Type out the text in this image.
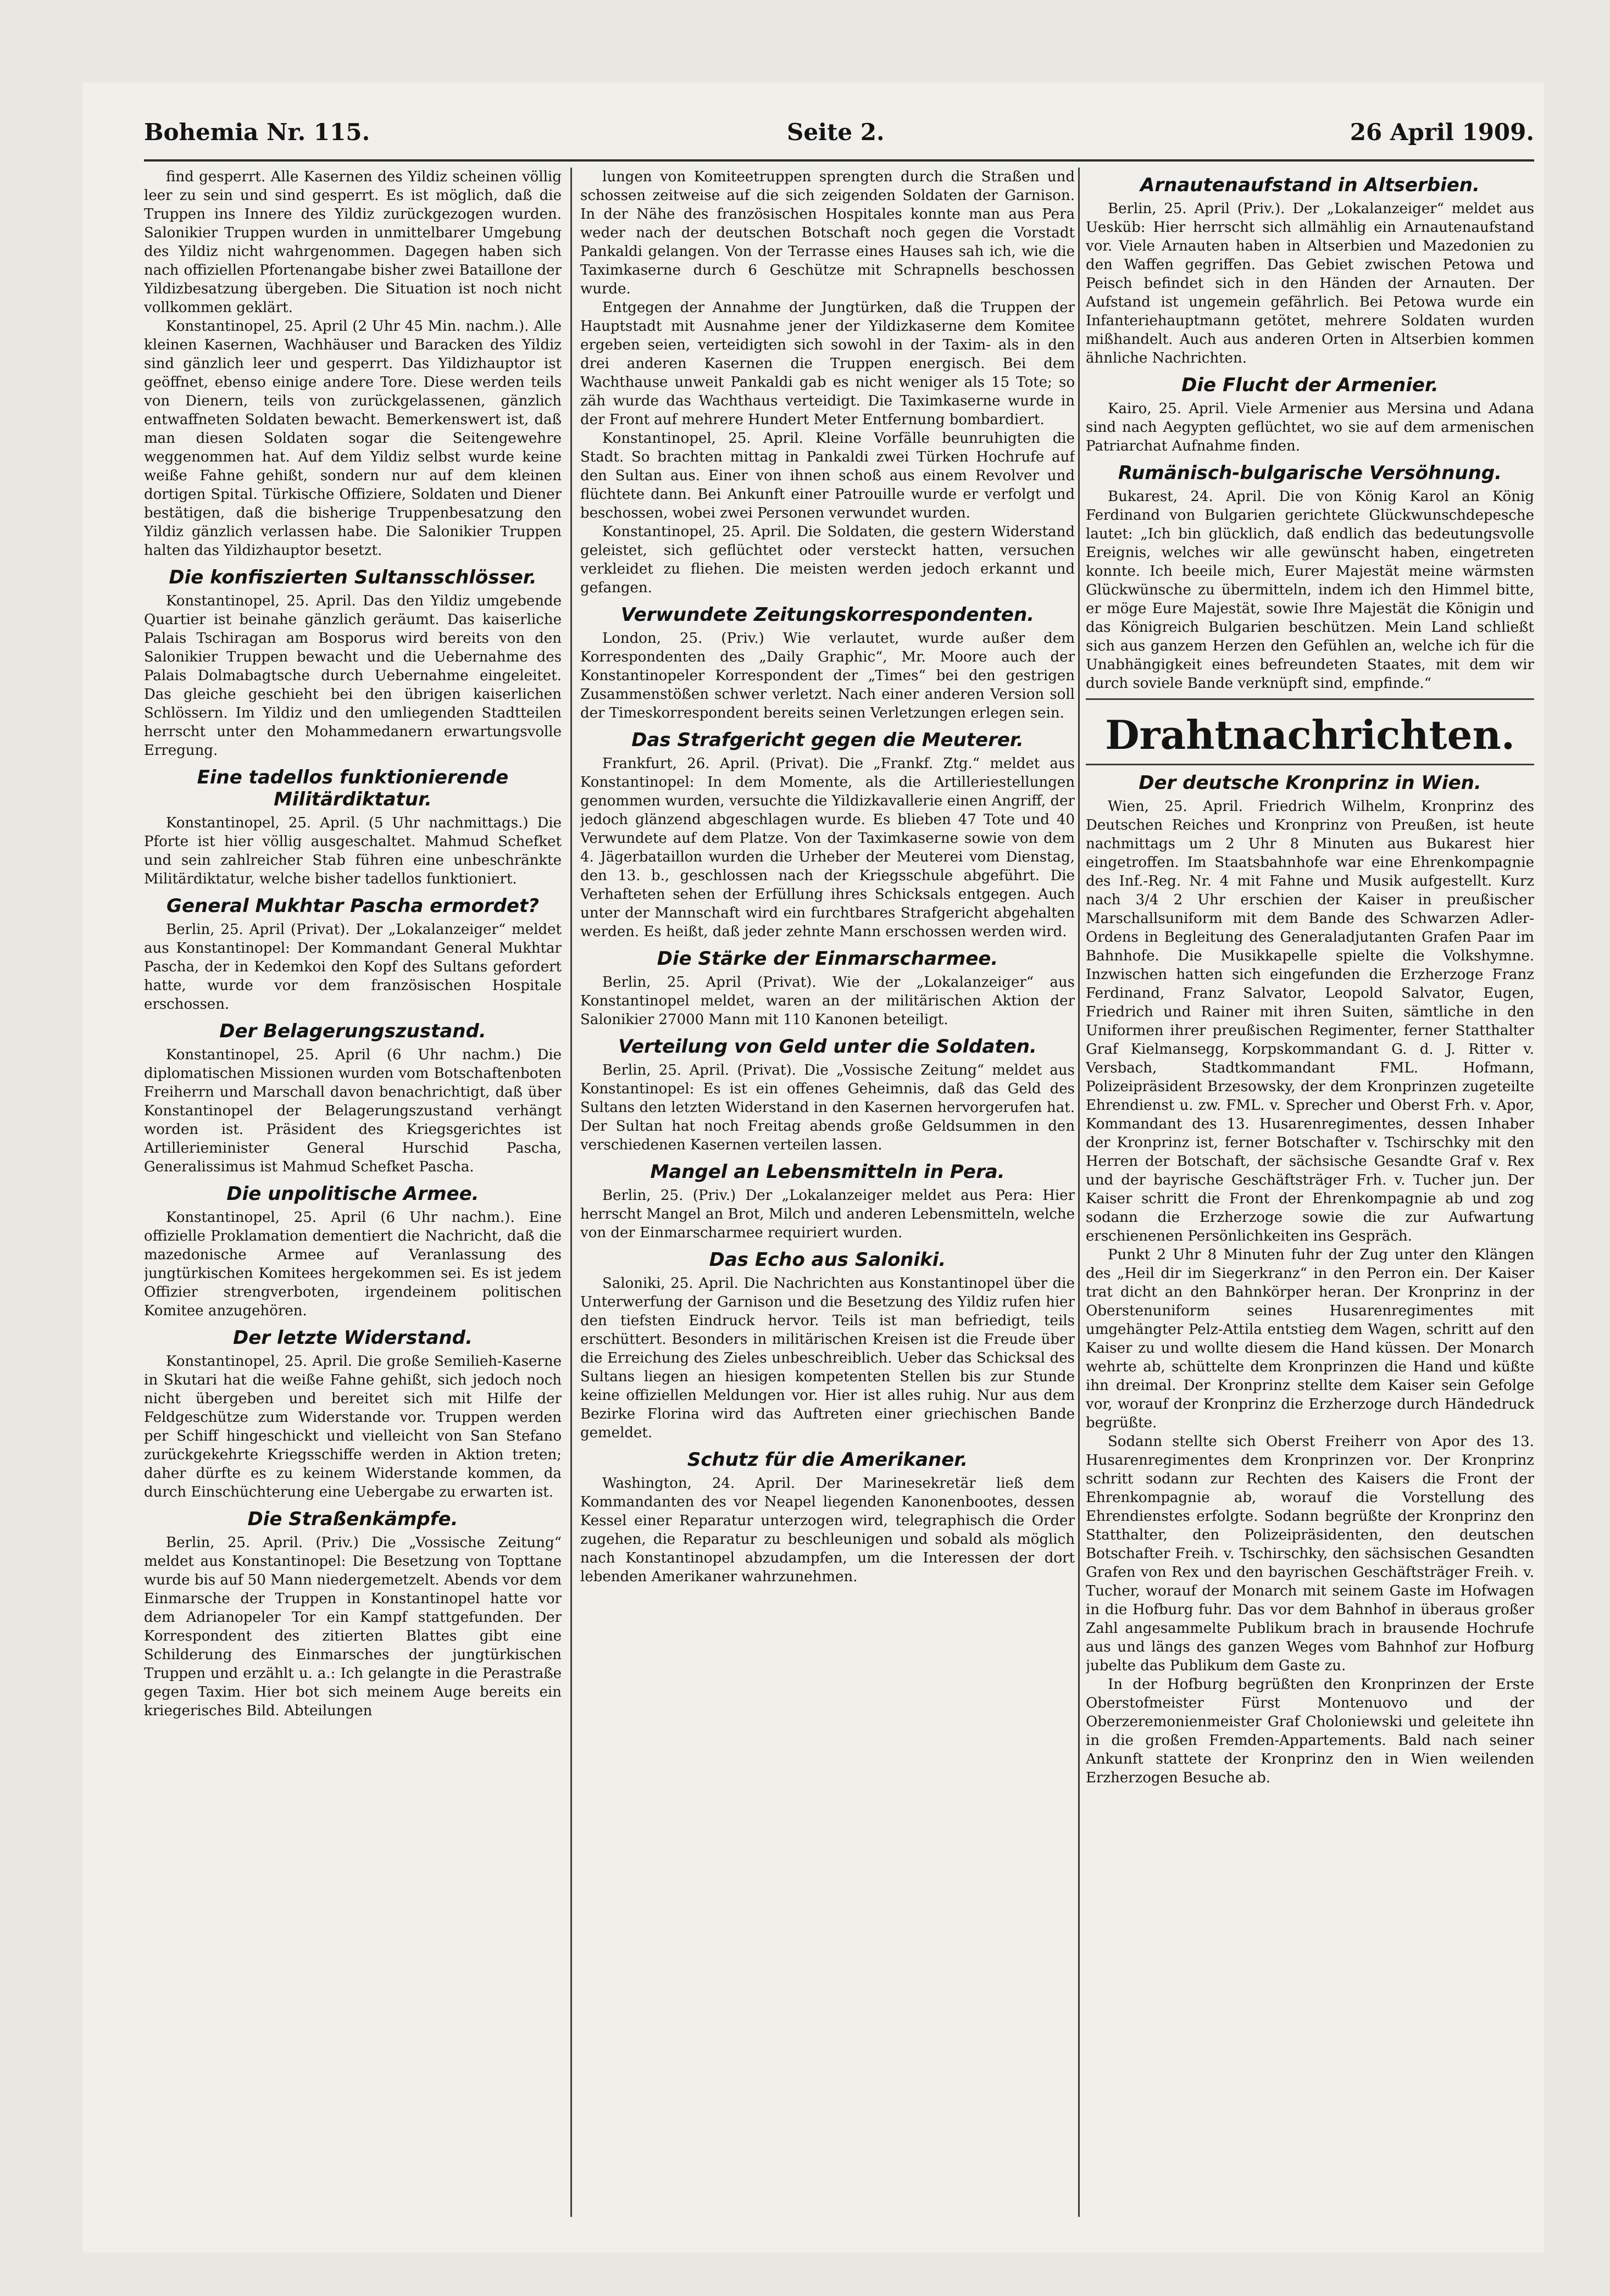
Bohemia Nr. 115.	Seite 2.	26 April 1909.

find gesperrt. Alle Kasernen des Yildiz scheinen völlig leer zu sein und sind gesperrt. Es ist möglich, daß die Truppen ins Innere des Yildiz zurückgezogen wurden. Salonikier Truppen wurden in unmittelbarer Umgebung des Yildiz nicht wahrgenommen. Dagegen haben sich nach offiziellen Pfortenangabe bisher zwei Bataillone der Yildizbesatzung übergeben. Die Situation ist noch nicht vollkommen geklärt.

Konstantinopel, 25. April (2 Uhr 45 Min. nachm.). Alle kleinen Kasernen, Wachhäuser und Baracken des Yildiz sind gänzlich leer und gesperrt. Das Yildizhauptor ist geöffnet, ebenso einige andere Tore. Diese werden teils von Dienern, teils von zurückgelassenen, gänzlich entwaffneten Soldaten bewacht. Bemerkenswert ist, daß man diesen Soldaten sogar die Seitengewehre weggenommen hat. Auf dem Yildiz selbst wurde keine weiße Fahne gehißt, sondern nur auf dem kleinen dortigen Spital. Türkische Offiziere, Soldaten und Diener bestätigen, daß die bisherige Truppenbesatzung den Yildiz gänzlich verlassen habe. Die Salonikier Truppen halten das Yildizhauptor besetzt.

Die konfiszierten Sultansschlösser.

Konstantinopel, 25. April. Das den Yildiz umgebende Quartier ist beinahe gänzlich geräumt. Das kaiserliche Palais Tschiragan am Bosporus wird bereits von den Salonikier Truppen bewacht und die Uebernahme des Palais Dolmabagtsche durch Uebernahme eingeleitet. Das gleiche geschieht bei den übrigen kaiserlichen Schlössern. Im Yildiz und den umliegenden Stadtteilen herrscht unter den Mohammedanern erwartungsvolle Erregung.

Eine tadellos funktionierende Militärdiktatur.

Konstantinopel, 25. April. (5 Uhr nachmittags.) Die Pforte ist hier völlig ausgeschaltet. Mahmud Schefket und sein zahlreicher Stab führen eine unbeschränkte Militärdiktatur, welche bisher tadellos funktioniert.

General Mukhtar Pascha ermordet?

Berlin, 25. April (Privat). Der „Lokalanzeiger“ meldet aus Konstantinopel: Der Kommandant General Mukhtar Pascha, der in Kedemkoi den Kopf des Sultans gefordert hatte, wurde vor dem französischen Hospitale erschossen.

Der Belagerungszustand.

Konstantinopel, 25. April (6 Uhr nachm.) Die diplomatischen Missionen wurden vom Botschaftenboten Freiherrn und Marschall davon benachrichtigt, daß über Konstantinopel der Belagerungszustand verhängt worden ist. Präsident des Kriegsgerichtes ist Artillerieminister General Hurschid Pascha, Generalissimus ist Mahmud Schefket Pascha.

Die unpolitische Armee.

Konstantinopel, 25. April (6 Uhr nachm.). Eine offizielle Proklamation dementiert die Nachricht, daß die mazedonische Armee auf Veranlassung des jungtürkischen Komitees hergekommen sei. Es ist jedem Offizier strengverboten, irgendeinem politischen Komitee anzugehören.

Der letzte Widerstand.

Konstantinopel, 25. April. Die große Semilieh-Kaserne in Skutari hat die weiße Fahne gehißt, sich jedoch noch nicht übergeben und bereitet sich mit Hilfe der Feldgeschütze zum Widerstande vor. Truppen werden per Schiff hingeschickt und vielleicht von San Stefano zurückgekehrte Kriegsschiffe werden in Aktion treten; daher dürfte es zu keinem Widerstande kommen, da durch Einschüchterung eine Uebergabe zu erwarten ist.

Die Straßenkämpfe.

Berlin, 25. April. (Priv.) Die „Vossische Zeitung“ meldet aus Konstantinopel: Die Besetzung von Topttane wurde bis auf 50 Mann niedergemetzelt. Abends vor dem Einmarsche der Truppen in Konstantinopel hatte vor dem Adrianopeler Tor ein Kampf stattgefunden. Der Korrespondent des zitierten Blattes gibt eine Schilderung des Einmarsches der jungtürkischen Truppen und erzählt u. a.: Ich gelangte in die Perastraße gegen Taxim. Hier bot sich meinem Auge bereits ein kriegerisches Bild. Abteilungen

lungen von Komiteetruppen sprengten durch die Straßen und schossen zeitweise auf die sich zeigenden Soldaten der Garnison. In der Nähe des französischen Hospitales konnte man aus Pera weder nach der deutschen Botschaft noch gegen die Vorstadt Pankaldi gelangen. Von der Terrasse eines Hauses sah ich, wie die Taximkaserne durch 6 Geschütze mit Schrapnells beschossen wurde.

Entgegen der Annahme der Jungtürken, daß die Truppen der Hauptstadt mit Ausnahme jener der Yildizkaserne dem Komitee ergeben seien, verteidigten sich sowohl in der Taxim- als in den drei anderen Kasernen die Truppen energisch. Bei dem Wachthause unweit Pankaldi gab es nicht weniger als 15 Tote; so zäh wurde das Wachthaus verteidigt. Die Taximkaserne wurde in der Front auf mehrere Hundert Meter Entfernung bombardiert.

Konstantinopel, 25. April. Kleine Vorfälle beunruhigten die Stadt. So brachten mittag in Pankaldi zwei Türken Hochrufe auf den Sultan aus. Einer von ihnen schoß aus einem Revolver und flüchtete dann. Bei Ankunft einer Patrouille wurde er verfolgt und beschossen, wobei zwei Personen verwundet wurden.

Konstantinopel, 25. April. Die Soldaten, die gestern Widerstand geleistet, sich geflüchtet oder versteckt hatten, versuchen verkleidet zu fliehen. Die meisten werden jedoch erkannt und gefangen.

Verwundete Zeitungskorrespondenten.

London, 25. (Priv.) Wie verlautet, wurde außer dem Korrespondenten des „Daily Graphic“, Mr. Moore auch der Konstantinopeler Korrespondent der „Times“ bei den gestrigen Zusammenstößen schwer verletzt. Nach einer anderen Version soll der Timeskorrespondent bereits seinen Verletzungen erlegen sein.

Das Strafgericht gegen die Meuterer.

Frankfurt, 26. April. (Privat). Die „Frankf. Ztg.“ meldet aus Konstantinopel: In dem Momente, als die Artilleriestellungen genommen wurden, versuchte die Yildizkavallerie einen Angriff, der jedoch glänzend abgeschlagen wurde. Es blieben 47 Tote und 40 Verwundete auf dem Platze. Von der Taximkaserne sowie von dem 4. Jägerbataillon wurden die Urheber der Meuterei vom Dienstag, den 13. b., geschlossen nach der Kriegsschule abgeführt. Die Verhafteten sehen der Erfüllung ihres Schicksals entgegen. Auch unter der Mannschaft wird ein furchtbares Strafgericht abgehalten werden. Es heißt, daß jeder zehnte Mann erschossen werden wird.

Die Stärke der Einmarscharmee.

Berlin, 25. April (Privat). Wie der „Lokalanzeiger“ aus Konstantinopel meldet, waren an der militärischen Aktion der Salonikier 27000 Mann mit 110 Kanonen beteiligt.

Verteilung von Geld unter die Soldaten.

Berlin, 25. April. (Privat). Die „Vossische Zeitung“ meldet aus Konstantinopel: Es ist ein offenes Geheimnis, daß das Geld des Sultans den letzten Widerstand in den Kasernen hervorgerufen hat. Der Sultan hat noch Freitag abends große Geldsummen in den verschiedenen Kasernen verteilen lassen.

Mangel an Lebensmitteln in Pera.

Berlin, 25. (Priv.) Der „Lokalanzeiger meldet aus Pera: Hier herrscht Mangel an Brot, Milch und anderen Lebensmitteln, welche von der Einmarscharmee requiriert wurden.

Das Echo aus Saloniki.

Saloniki, 25. April. Die Nachrichten aus Konstantinopel über die Unterwerfung der Garnison und die Besetzung des Yildiz rufen hier den tiefsten Eindruck hervor. Teils ist man befriedigt, teils erschüttert. Besonders in militärischen Kreisen ist die Freude über die Erreichung des Zieles unbeschreiblich. Ueber das Schicksal des Sultans liegen an hiesigen kompetenten Stellen bis zur Stunde keine offiziellen Meldungen vor. Hier ist alles ruhig. Nur aus dem Bezirke Florina wird das Auftreten einer griechischen Bande gemeldet.

Schutz für die Amerikaner.

Washington, 24. April. Der Marinesekretär ließ dem Kommandanten des vor Neapel liegenden Kanonenbootes, dessen Kessel einer Reparatur unterzogen wird, telegraphisch die Order zugehen, die Reparatur zu beschleunigen und sobald als möglich nach Konstantinopel abzudampfen, um die Interessen der dort lebenden Amerikaner wahrzunehmen.

Arnautenaufstand in Altserbien.

Berlin, 25. April (Priv.). Der „Lokalanzeiger“ meldet aus Uesküb: Hier herrscht sich allmählig ein Arnautenaufstand vor. Viele Arnauten haben in Altserbien und Mazedonien zu den Waffen gegriffen. Das Gebiet zwischen Petowa und Peisch befindet sich in den Händen der Arnauten. Der Aufstand ist ungemein gefährlich. Bei Petowa wurde ein Infanteriehauptmann getötet, mehrere Soldaten wurden mißhandelt. Auch aus anderen Orten in Altserbien kommen ähnliche Nachrichten.

Die Flucht der Armenier.

Kairo, 25. April. Viele Armenier aus Mersina und Adana sind nach Aegypten geflüchtet, wo sie auf dem armenischen Patriarchat Aufnahme finden.

Rumänisch-bulgarische Versöhnung.

Bukarest, 24. April. Die von König Karol an König Ferdinand von Bulgarien gerichtete Glückwunschdepesche lautet: „Ich bin glücklich, daß endlich das bedeutungsvolle Ereignis, welches wir alle gewünscht haben, eingetreten konnte. Ich beeile mich, Eurer Majestät meine wärmsten Glückwünsche zu übermitteln, indem ich den Himmel bitte, er möge Eure Majestät, sowie Ihre Majestät die Königin und das Königreich Bulgarien beschützen. Mein Land schließt sich aus ganzem Herzen den Gefühlen an, welche ich für die Unabhängigkeit eines befreundeten Staates, mit dem wir durch soviele Bande verknüpft sind, empfinde.“

Drahtnachrichten.
Der deutsche Kronprinz in Wien.

Wien, 25. April. Friedrich Wilhelm, Kronprinz des Deutschen Reiches und Kronprinz von Preußen, ist heute nachmittags um 2 Uhr 8 Minuten aus Bukarest hier eingetroffen. Im Staatsbahnhofe war eine Ehrenkompagnie des Inf.-Reg. Nr. 4 mit Fahne und Musik aufgestellt. Kurz nach 3/4 2 Uhr erschien der Kaiser in preußischer Marschallsuniform mit dem Bande des Schwarzen Adler-Ordens in Begleitung des Generaladjutanten Grafen Paar im Bahnhofe. Die Musikkapelle spielte die Volkshymne. Inzwischen hatten sich eingefunden die Erzherzoge Franz Ferdinand, Franz Salvator, Leopold Salvator, Eugen, Friedrich und Rainer mit ihren Suiten, sämtliche in den Uniformen ihrer preußischen Regimenter, ferner Statthalter Graf Kielmansegg, Korpskommandant G. d. J. Ritter v. Versbach, Stadtkommandant FML. Hofmann, Polizeipräsident Brzesowsky, der dem Kronprinzen zugeteilte Ehrendienst u. zw. FML. v. Sprecher und Oberst Frh. v. Apor, Kommandant des 13. Husarenregimentes, dessen Inhaber der Kronprinz ist, ferner Botschafter v. Tschirschky mit den Herren der Botschaft, der sächsische Gesandte Graf v. Rex und der bayrische Geschäftsträger Frh. v. Tucher jun. Der Kaiser schritt die Front der Ehrenkompagnie ab und zog sodann die Erzherzoge sowie die zur Aufwartung erschienenen Persönlichkeiten ins Gespräch.

Punkt 2 Uhr 8 Minuten fuhr der Zug unter den Klängen des „Heil dir im Siegerkranz“ in den Perron ein. Der Kaiser trat dicht an den Bahnkörper heran. Der Kronprinz in der Oberstenuniform seines Husarenregimentes mit umgehängter Pelz-Attila entstieg dem Wagen, schritt auf den Kaiser zu und wollte diesem die Hand küssen. Der Monarch wehrte ab, schüttelte dem Kronprinzen die Hand und küßte ihn dreimal. Der Kronprinz stellte dem Kaiser sein Gefolge vor, worauf der Kronprinz die Erzherzoge durch Händedruck begrüßte.

Sodann stellte sich Oberst Freiherr von Apor des 13. Husarenregimentes dem Kronprinzen vor. Der Kronprinz schritt sodann zur Rechten des Kaisers die Front der Ehrenkompagnie ab, worauf die Vorstellung des Ehrendienstes erfolgte. Sodann begrüßte der Kronprinz den Statthalter, den Polizeipräsidenten, den deutschen Botschafter Freih. v. Tschirschky, den sächsischen Gesandten Grafen von Rex und den bayrischen Geschäftsträger Freih. v. Tucher, worauf der Monarch mit seinem Gaste im Hofwagen in die Hofburg fuhr. Das vor dem Bahnhof in überaus großer Zahl angesammelte Publikum brach in brausende Hochrufe aus und längs des ganzen Weges vom Bahnhof zur Hofburg jubelte das Publikum dem Gaste zu.

In der Hofburg begrüßten den Kronprinzen der Erste Oberstofmeister Fürst Montenuovo und der Oberzeremonienmeister Graf Choloniewski und geleitete ihn in die großen Fremden-Appartements. Bald nach seiner Ankunft stattete der Kronprinz den in Wien weilenden Erzherzogen Besuche ab.
